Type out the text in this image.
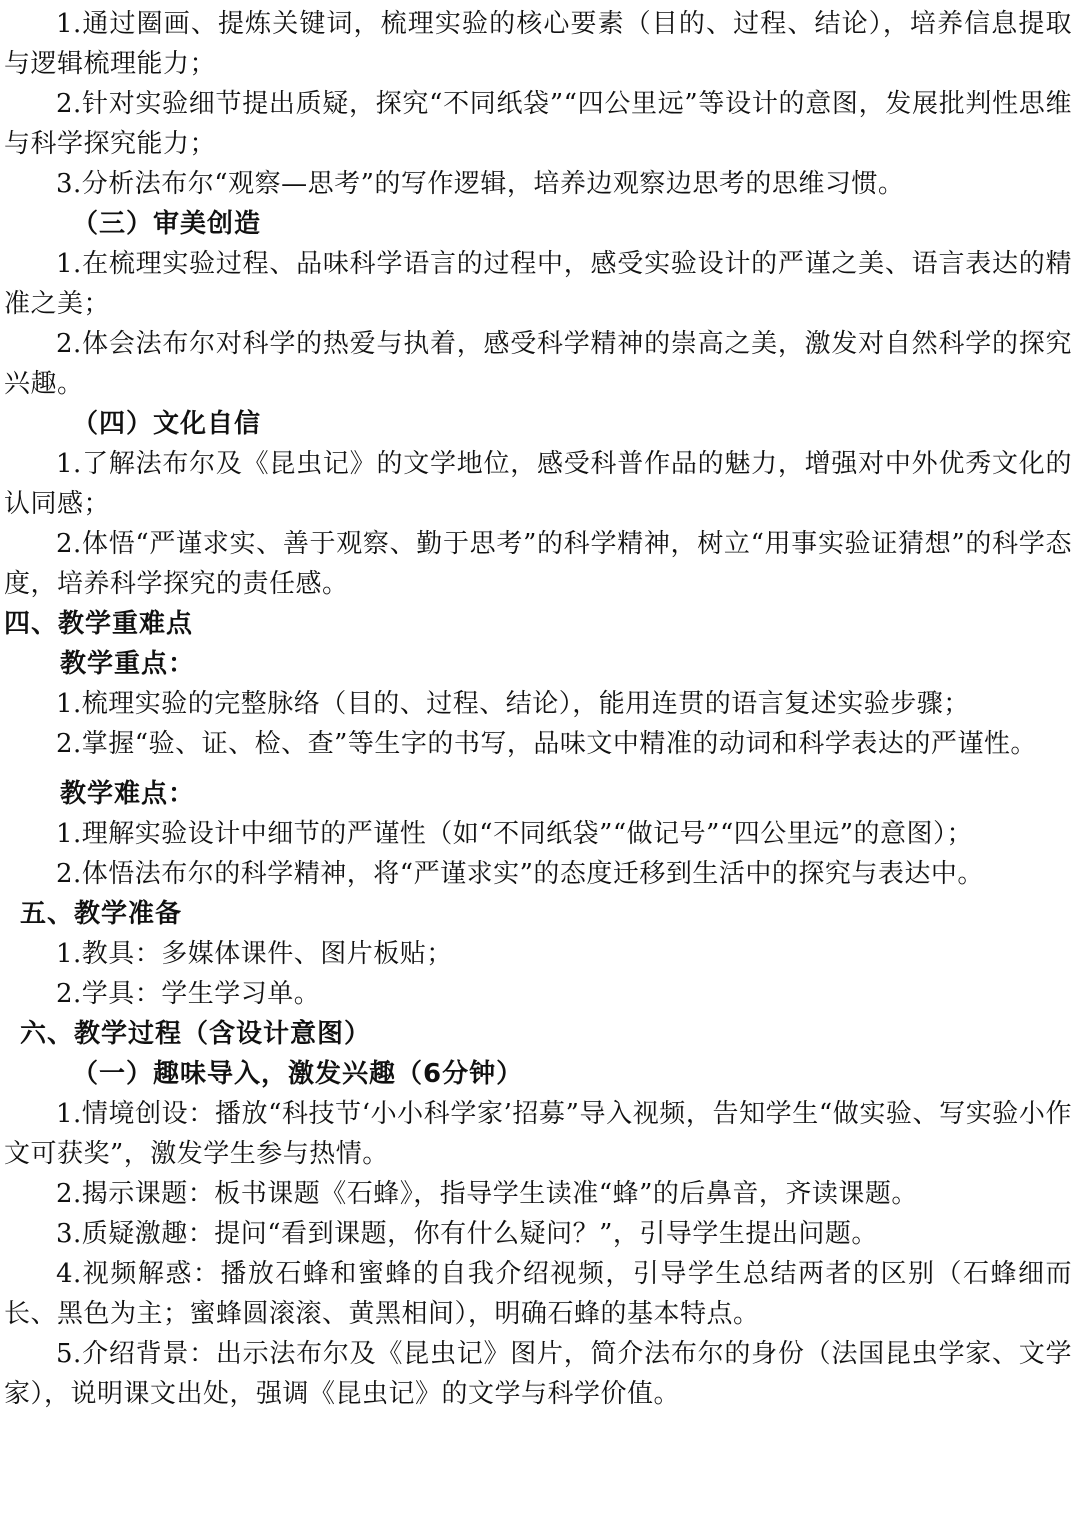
1.通过圈画、提炼关键词，梳理实验的核心要素（目的、过程、结论），培养信息提取与逻辑梳理能力；

2.针对实验细节提出质疑，探究“不同纸袋”“四公里远”等设计的意图，发展批判性思维与科学探究能力；

3.分析法布尔“观察—思考”的写作逻辑，培养边观察边思考的思维习惯。

（三）审美创造

1.在梳理实验过程、品味科学语言的过程中，感受实验设计的严谨之美、语言表达的精准之美；

2.体会法布尔对科学的热爱与执着，感受科学精神的崇高之美，激发对自然科学的探究兴趣。

（四）文化自信

1.了解法布尔及《昆虫记》的文学地位，感受科普作品的魅力，增强对中外优秀文化的认同感；

2.体悟“严谨求实、善于观察、勤于思考”的科学精神，树立“用事实验证猜想”的科学态度，培养科学探究的责任感。

四、教学重难点

教学重点：

1.梳理实验的完整脉络（目的、过程、结论），能用连贯的语言复述实验步骤；

2.掌握“验、证、检、查”等生字的书写，品味文中精准的动词和科学表达的严谨性。

教学难点：

1.理解实验设计中细节的严谨性（如“不同纸袋”“做记号”“四公里远”的意图）；

2.体悟法布尔的科学精神，将“严谨求实”的态度迁移到生活中的探究与表达中。

五、教学准备

1.教具：多媒体课件、图片板贴；

2.学具：学生学习单。

六、教学过程（含设计意图）

（一）趣味导入，激发兴趣（6分钟）

1.情境创设：播放“科技节‘小小科学家’招募”导入视频，告知学生“做实验、写实验小作文可获奖”，激发学生参与热情。

2.揭示课题：板书课题《石蜂》，指导学生读准“蜂”的后鼻音，齐读课题。

3.质疑激趣：提问“看到课题，你有什么疑问？”，引导学生提出问题。

4.视频解惑：播放石蜂和蜜蜂的自我介绍视频，引导学生总结两者的区别（石蜂细而长、黑色为主；蜜蜂圆滚滚、黄黑相间），明确石蜂的基本特点。

5.介绍背景：出示法布尔及《昆虫记》图片，简介法布尔的身份（法国昆虫学家、文学家），说明课文出处，强调《昆虫记》的文学与科学价值。
